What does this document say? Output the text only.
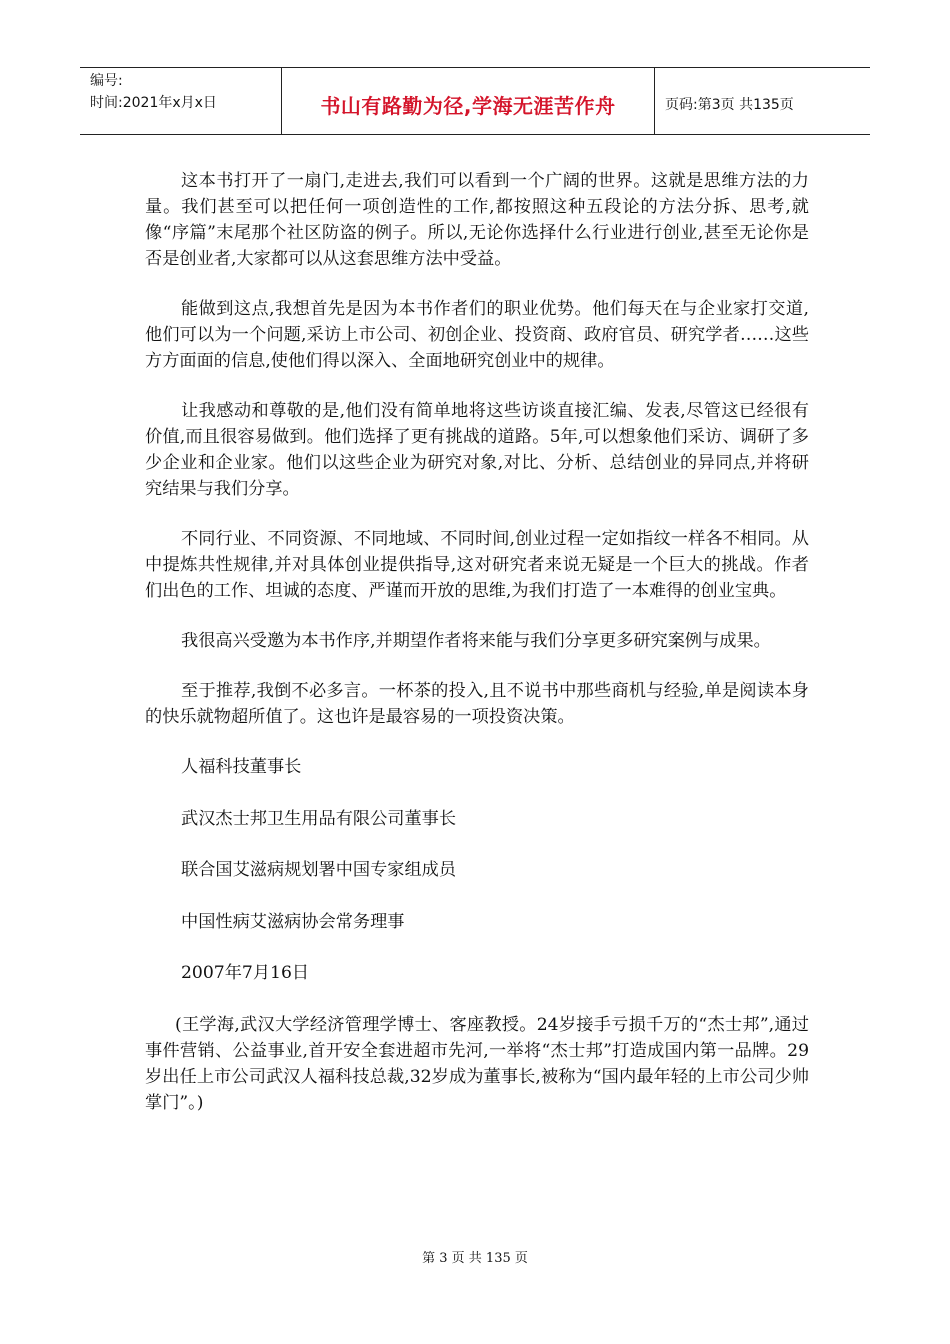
编号:
时间:2021年x月x日	书山有路勤为径,学海无涯苦作舟	页码:第3页 共135页

这本书打开了一扇门,走进去,我们可以看到一个广阔的世界。这就是思维方法的力量。我们甚至可以把任何一项创造性的工作,都按照这种五段论的方法分拆、思考,就像“序篇”末尾那个社区防盗的例子。所以,无论你选择什么行业进行创业,甚至无论你是否是创业者,大家都可以从这套思维方法中受益。

能做到这点,我想首先是因为本书作者们的职业优势。他们每天在与企业家打交道,他们可以为一个问题,采访上市公司、初创企业、投资商、政府官员、研究学者……这些方方面面的信息,使他们得以深入、全面地研究创业中的规律。

让我感动和尊敬的是,他们没有简单地将这些访谈直接汇编、发表,尽管这已经很有价值,而且很容易做到。他们选择了更有挑战的道路。5年,可以想象他们采访、调研了多少企业和企业家。他们以这些企业为研究对象,对比、分析、总结创业的异同点,并将研究结果与我们分享。

不同行业、不同资源、不同地域、不同时间,创业过程一定如指纹一样各不相同。从中提炼共性规律,并对具体创业提供指导,这对研究者来说无疑是一个巨大的挑战。作者们出色的工作、坦诚的态度、严谨而开放的思维,为我们打造了一本难得的创业宝典。

我很高兴受邀为本书作序,并期望作者将来能与我们分享更多研究案例与成果。

至于推荐,我倒不必多言。一杯茶的投入,且不说书中那些商机与经验,单是阅读本身的快乐就物超所值了。这也许是最容易的一项投资决策。

人福科技董事长

武汉杰士邦卫生用品有限公司董事长

联合国艾滋病规划署中国专家组成员

中国性病艾滋病协会常务理事

2007年7月16日

(王学海,武汉大学经济管理学博士、客座教授。24岁接手亏损千万的“杰士邦”,通过事件营销、公益事业,首开安全套进超市先河,一举将“杰士邦”打造成国内第一品牌。29岁出任上市公司武汉人福科技总裁,32岁成为董事长,被称为“国内最年轻的上市公司少帅掌门”。)

第 3 页 共 135 页
